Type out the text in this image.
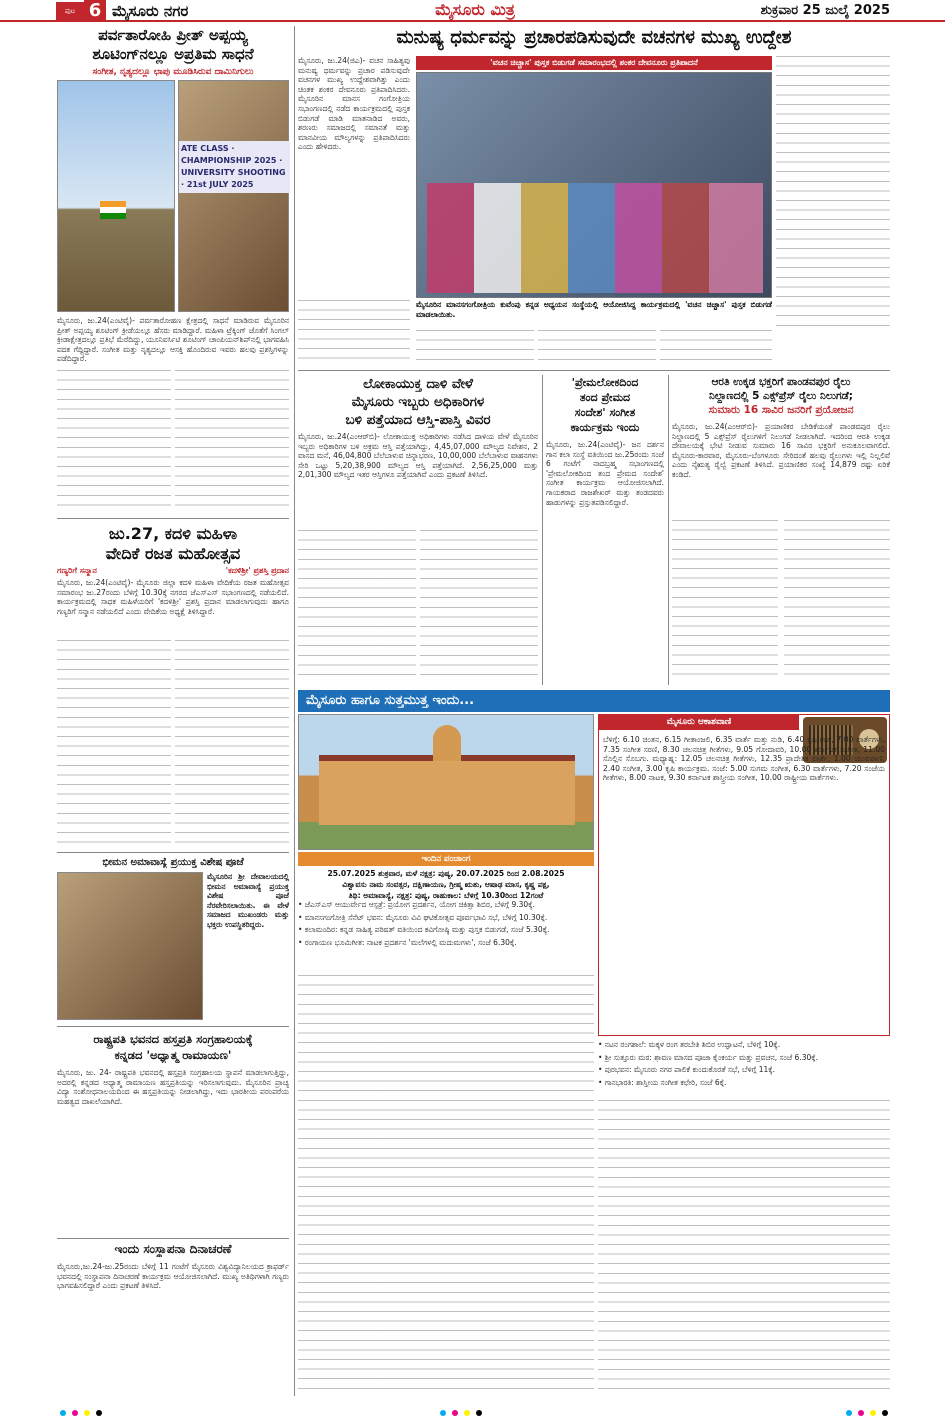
ಪುಟ 6 ಮೈಸೂರು ನಗರ	ಮೈಸೂರು ಮಿತ್ರ	ಶುಕ್ರವಾರ 25 ಜುಲೈ 2025
ಪರ್ವತಾರೋಹಿ ಪ್ರೀತ್ ಅಪ್ಪಯ್ಯ
ಶೂಟಿಂಗ್‌ನಲ್ಲೂ ಅಪ್ರತಿಮ ಸಾಧನೆ
ಸಂಗೀತ, ನೃತ್ಯದಲ್ಲೂ ಛಾಪು ಮೂಡಿಸಿರುವ ದಾಮಿನಿಗುಲು
ATE CLASS · CHAMPIONSHIP 2025 · UNIVERSITY SHOOTING · 21st JULY 2025
ಮೈಸೂರು, ಜು.24(ಎಂಟಿವೈ)- ಪರ್ವತಾರೋಹಣ ಕ್ಷೇತ್ರದಲ್ಲಿ ಸಾಧನೆ ಮಾಡಿರುವ ಮೈಸೂರಿನ ಪ್ರೀತ್ ಅಪ್ಪಯ್ಯ ಶೂಟಿಂಗ್ ಕ್ರೀಡೆಯಲ್ಲೂ ಹೆಸರು ಮಾಡಿದ್ದಾರೆ. ಮಹಿಳಾ ಟ್ರೆಕ್ಕಿಂಗ್ ಜೊತೆಗೆ ಸಿಂಗಲ್ ಕ್ರೀಡಾಕ್ಷೇತ್ರದಲ್ಲೂ ಪ್ರತಿಭೆ ಮೆರೆದಿದ್ದು, ಯೂನಿವರ್ಸಿಟಿ ಶೂಟಿಂಗ್ ಚಾಂಪಿಯನ್‌ಶಿಪ್‌ನಲ್ಲಿ ಭಾಗವಹಿಸಿ ಪದಕ ಗೆದ್ದಿದ್ದಾರೆ. ಸಂಗೀತ ಮತ್ತು ನೃತ್ಯದಲ್ಲೂ ಆಸಕ್ತಿ ಹೊಂದಿರುವ ಇವರು ಹಲವು ಪ್ರಶಸ್ತಿಗಳನ್ನು ಪಡೆದಿದ್ದಾರೆ.
ಜು.27, ಕದಳಿ ಮಹಿಳಾ
ವೇದಿಕೆ ರಜತ ಮಹೋತ್ಸವ
ಗಣ್ಯರಿಗೆ ಸನ್ಮಾನ	'ಕದಳಿಶ್ರೀ' ಪ್ರಶಸ್ತಿ ಪ್ರದಾನ
ಮೈಸೂರು, ಜು.24(ಎಂಟಿವೈ)- ಮೈಸೂರು ಜಿಲ್ಲಾ ಕದಳಿ ಮಹಿಳಾ ವೇದಿಕೆಯ ರಜತ ಮಹೋತ್ಸವ ಸಮಾರಂಭ ಜು.27ರಂದು ಬೆಳಿಗ್ಗೆ 10.30ಕ್ಕೆ ನಗರದ ಜೆಎಸ್‌ಎಸ್ ಸಭಾಂಗಣದಲ್ಲಿ ನಡೆಯಲಿದೆ. ಕಾರ್ಯಕ್ರಮದಲ್ಲಿ ಸಾಧಕ ಮಹಿಳೆಯರಿಗೆ 'ಕದಳಿಶ್ರೀ' ಪ್ರಶಸ್ತಿ ಪ್ರದಾನ ಮಾಡಲಾಗುವುದು ಹಾಗೂ ಗಣ್ಯರಿಗೆ ಸನ್ಮಾನ ನಡೆಯಲಿದೆ ಎಂದು ವೇದಿಕೆಯ ಅಧ್ಯಕ್ಷೆ ತಿಳಿಸಿದ್ದಾರೆ.
ಭೀಮನ ಅಮಾವಾಸ್ಯೆ ಪ್ರಯುಕ್ತ ವಿಶೇಷ ಪೂಜೆ
ಮೈಸೂರಿನ ಶ್ರೀ ದೇವಾಲಯದಲ್ಲಿ ಭೀಮನ ಅಮಾವಾಸ್ಯೆ ಪ್ರಯುಕ್ತ ವಿಶೇಷ ಪೂಜೆ ನೆರವೇರಿಸಲಾಯಿತು. ಈ ವೇಳೆ ಸಮಾಜದ ಮುಖಂಡರು ಮತ್ತು ಭಕ್ತರು ಉಪಸ್ಥಿತರಿದ್ದರು.
ರಾಷ್ಟ್ರಪತಿ ಭವನದ ಹಸ್ತಪ್ರತಿ ಸಂಗ್ರಹಾಲಯಕ್ಕೆ
ಕನ್ನಡದ 'ಅಧ್ಯಾತ್ಮ ರಾಮಾಯಣ'
ಮೈಸೂರು, ಜು. 24- ರಾಷ್ಟ್ರಪತಿ ಭವನದಲ್ಲಿ ಹಸ್ತಪ್ರತಿ ಸಂಗ್ರಹಾಲಯ ಸ್ಥಾಪನೆ ಮಾಡಲಾಗುತ್ತಿದ್ದು, ಅದರಲ್ಲಿ ಕನ್ನಡದ ಅಧ್ಯಾತ್ಮ ರಾಮಾಯಣ ಹಸ್ತಪ್ರತಿಯನ್ನು ಇರಿಸಲಾಗುವುದು. ಮೈಸೂರಿನ ಪ್ರಾಚ್ಯ ವಿದ್ಯಾ ಸಂಶೋಧನಾಲಯದಿಂದ ಈ ಹಸ್ತಪ್ರತಿಯನ್ನು ನೀಡಲಾಗಿದ್ದು, ಇದು ಭಾರತೀಯ ಪರಂಪರೆಯ ಮಹತ್ವದ ದಾಖಲೆಯಾಗಿದೆ.
ಇಂದು ಸಂಸ್ಥಾಪನಾ ದಿನಾಚರಣೆ
ಮೈಸೂರು,ಜು.24-ಜು.25ರಂದು ಬೆಳಿಗ್ಗೆ 11 ಗಂಟೆಗೆ ಮೈಸೂರು ವಿಶ್ವವಿದ್ಯಾನಿಲಯದ ಕ್ರಾಫರ್ಡ್ ಭವನದಲ್ಲಿ ಸಂಸ್ಥಾಪನಾ ದಿನಾಚರಣೆ ಕಾರ್ಯಕ್ರಮ ಆಯೋಜಿಸಲಾಗಿದೆ. ಮುಖ್ಯ ಅತಿಥಿಗಳಾಗಿ ಗಣ್ಯರು ಭಾಗವಹಿಸಲಿದ್ದಾರೆ ಎಂದು ಪ್ರಕಟಣೆ ತಿಳಿಸಿದೆ.
ಮನುಷ್ಯ ಧರ್ಮವನ್ನು ಪ್ರಚಾರಪಡಿಸುವುದೇ ವಚನಗಳ ಮುಖ್ಯ ಉದ್ದೇಶ
ಮೈಸೂರು, ಜು.24(ಜಿಎ)- ವಚನ ಸಾಹಿತ್ಯವು ಮನುಷ್ಯ ಧರ್ಮವನ್ನು ಪ್ರಚಾರ ಪಡಿಸುವುದೇ ವಚನಗಳ ಮುಖ್ಯ ಉದ್ದೇಶವಾಗಿತ್ತು ಎಂದು ಚಿಂತಕ ಶಂಕರ ದೇವನೂರು ಪ್ರತಿಪಾದಿಸಿದರು. ಮೈಸೂರಿನ ಮಾನಸ ಗಂಗೋತ್ರಿಯ ಸಭಾಂಗಣದಲ್ಲಿ ನಡೆದ ಕಾರ್ಯಕ್ರಮದಲ್ಲಿ ಪುಸ್ತಕ ಬಿಡುಗಡೆ ಮಾಡಿ ಮಾತನಾಡಿದ ಅವರು, ಶರಣರು ಸಮಾಜದಲ್ಲಿ ಸಮಾನತೆ ಮತ್ತು ಮಾನವೀಯ ಮೌಲ್ಯಗಳನ್ನು ಪ್ರತಿಪಾದಿಸಿದರು ಎಂದು ಹೇಳಿದರು.
'ವಚನ ಚಿಚ್ಚಾಸ' ಪುಸ್ತಕ ಬಿಡುಗಡೆ ಸಮಾರಂಭದಲ್ಲಿ ಶಂಕರ ದೇವನೂರು ಪ್ರತಿಪಾದನೆ
ಮೈಸೂರಿನ ಮಾನಸಗಂಗೋತ್ರಿಯ ಕುವೆಂಪು ಕನ್ನಡ ಅಧ್ಯಯನ ಸಂಸ್ಥೆಯಲ್ಲಿ ಆಯೋಜಿಸಿದ್ದ ಕಾರ್ಯಕ್ರಮದಲ್ಲಿ 'ವಚನ ಚಿಚ್ಚಾಸ' ಪುಸ್ತಕ ಬಿಡುಗಡೆ ಮಾಡಲಾಯಿತು.
ಲೋಕಾಯುಕ್ತ ದಾಳಿ ವೇಳೆ
ಮೈಸೂರು ಇಬ್ಬರು ಅಧಿಕಾರಿಗಳ
ಬಳಿ ಪತ್ತೆಯಾದ ಆಸ್ತಿ-ಪಾಸ್ತಿ ವಿವರ
ಮೈಸೂರು, ಜು.24(ಎಂಆರ್‌ಬಿ)- ಲೋಕಾಯುಕ್ತ ಅಧಿಕಾರಿಗಳು ನಡೆಸಿದ ದಾಳಿಯ ವೇಳೆ ಮೈಸೂರಿನ ಇಬ್ಬರು ಅಧಿಕಾರಿಗಳ ಬಳಿ ಅಕ್ರಮ ಆಸ್ತಿ ಪತ್ತೆಯಾಗಿದ್ದು, 4,45,07,000 ಮೌಲ್ಯದ ನಿವೇಶನ, 2 ವಾಸದ ಮನೆ, 46,04,800 ಬೆಲೆಬಾಳುವ ಚಿನ್ನಾಭರಣ, 10,00,000 ಬೆಲೆಬಾಳುವ ವಾಹನಗಳು ಸೇರಿ ಒಟ್ಟು 5,20,38,900 ಮೌಲ್ಯದ ಆಸ್ತಿ ಪತ್ತೆಯಾಗಿದೆ. 2,56,25,000 ಮತ್ತು 2,01,300 ಮೌಲ್ಯದ ಇತರ ಆಸ್ತಿಗಳೂ ಪತ್ತೆಯಾಗಿವೆ ಎಂದು ಪ್ರಕಟಣೆ ತಿಳಿಸಿದೆ.
'ಪ್ರೇಮಲೋಕದಿಂದ
ತಂದ ಪ್ರೇಮದ
ಸಂದೇಶ' ಸಂಗೀತ
ಕಾರ್ಯಕ್ರಮ ಇಂದು
ಮೈಸೂರು, ಜು.24(ಎಂಟಿವೈ)- ಜನ ದರ್ಶನ ಗಾನ ಕಲಾ ಸಂಸ್ಥೆ ವತಿಯಿಂದ ಜು.25ರಂದು ಸಂಜೆ 6 ಗಂಟೆಗೆ ನಾದಬ್ರಹ್ಮ ಸಭಾಂಗಣದಲ್ಲಿ 'ಪ್ರೇಮಲೋಕದಿಂದ ತಂದ ಪ್ರೇಮದ ಸಂದೇಶ' ಸಂಗೀತ ಕಾರ್ಯಕ್ರಮ ಆಯೋಜಿಸಲಾಗಿದೆ. ಗಾಯಕರಾದ ರಾಜಶೇಖರ್ ಮತ್ತು ತಂಡದವರು ಹಾಡುಗಳನ್ನು ಪ್ರಸ್ತುತಪಡಿಸಲಿದ್ದಾರೆ.
ಆರತಿ ಉಕ್ಕಡ ಭಕ್ತರಿಗೆ ಪಾಂಡವಪುರ ರೈಲು
ನಿಲ್ದಾಣದಲ್ಲಿ 5 ಎಕ್ಸ್‌ಪ್ರೆಸ್ ರೈಲು ನಿಲುಗಡೆ;
ಸುಮಾರು 16 ಸಾವಿರ ಜನರಿಗೆ ಪ್ರಯೋಜನ
ಮೈಸೂರು, ಜು.24(ಎಂಆರ್‌ಬಿ)- ಪ್ರಯಾಣಿಕರ ಬೇಡಿಕೆಯಂತೆ ಪಾಂಡವಪುರ ರೈಲು ನಿಲ್ದಾಣದಲ್ಲಿ 5 ಎಕ್ಸ್‌ಪ್ರೆಸ್ ರೈಲುಗಳಿಗೆ ನಿಲುಗಡೆ ನೀಡಲಾಗಿದೆ. ಇದರಿಂದ ಆರತಿ ಉಕ್ಕಡ ದೇವಾಲಯಕ್ಕೆ ಭೇಟಿ ನೀಡುವ ಸುಮಾರು 16 ಸಾವಿರ ಭಕ್ತರಿಗೆ ಅನುಕೂಲವಾಗಲಿದೆ. ಮೈಸೂರು-ಕಾರವಾರ, ಮೈಸೂರು-ಬೆಂಗಳೂರು ಸೇರಿದಂತೆ ಹಲವು ರೈಲುಗಳು ಇಲ್ಲಿ ನಿಲ್ಲಲಿವೆ ಎಂದು ನೈಋತ್ಯ ರೈಲ್ವೆ ಪ್ರಕಟಣೆ ತಿಳಿಸಿದೆ. ಪ್ರಯಾಣಿಕರ ಸಂಖ್ಯೆ 14,879 ರಷ್ಟು ಏರಿಕೆ ಕಂಡಿದೆ.
ಮೈಸೂರು ಹಾಗೂ ಸುತ್ತಮುತ್ತ ಇಂದು...
ಇಂದಿನ ಪಂಚಾಂಗ
25.07.2025 ಶುಕ್ರವಾರ, ಮಳೆ ನಕ್ಷತ್ರ: ಪುಷ್ಯ, 20.07.2025 ರಿಂದ 2.08.2025
ವಿಶ್ವಾವಸು ನಾಮ ಸಂವತ್ಸರ, ದಕ್ಷಿಣಾಯಣ, ಗ್ರೀಷ್ಮ ಋತು, ಆಷಾಢ ಮಾಸ, ಕೃಷ್ಣ ಪಕ್ಷ,
ತಿಥಿ: ಅಮಾವಾಸ್ಯೆ, ನಕ್ಷತ್ರ: ಪುಷ್ಯ, ರಾಹುಕಾಲ: ಬೆಳಿಗ್ಗೆ 10.30ರಿಂದ 12ಗಂಟೆ
ಮೈಸೂರು ಆಕಾಶವಾಣಿ
ಬೆಳಿಗ್ಗೆ: 6.10 ಚಿಂತನ, 6.15 ಗೀತಾಂಜಲಿ, 6.35 ವಾರ್ತೆ ಮತ್ತು ನುಡಿ, 6.40 ಕೃಷಿ ರಂಗ, 7.00 ವಾರ್ತೆಗಳು, 7.35 ಸಂಗೀತ ಸರಣಿ, 8.30 ಚಲನಚಿತ್ರ ಗೀತೆಗಳು, 9.05 ಗೋದಾವರಿ, 10.00 ಕರ್ನಾಟಕ ಸಂಗೀತ, 11.00 ಸೊಲ್ಲಿನ ಸೊಬಗು. ಮಧ್ಯಾಹ್ನ: 12.05 ಚಲನಚಿತ್ರ ಗೀತೆಗಳು, 12.35 ಪ್ರಾದೇಶಿಕ ವಾರ್ತೆ, 1.00 ಯುವವಾಣಿ, 2.40 ಸಂಗೀತ, 3.00 ಕೃಷಿ ಕಾರ್ಯಕ್ರಮ. ಸಂಜೆ: 5.00 ಸುಗಮ ಸಂಗೀತ, 6.30 ವಾರ್ತೆಗಳು, 7.20 ಸಂಜೆಯ ಗೀತೆಗಳು, 8.00 ನಾಟಕ, 9.30 ಕರ್ನಾಟಕ ಶಾಸ್ತ್ರೀಯ ಸಂಗೀತ, 10.00 ರಾಷ್ಟ್ರೀಯ ವಾರ್ತೆಗಳು.
• ಜೆಎಸ್‌ಎಸ್ ಆಯುರ್ವೇದ ಆಸ್ಪತ್ರೆ: ಪ್ರಯೋಗ ಪ್ರದರ್ಶನ, ಯೋಗ ಚಿಕಿತ್ಸಾ ಶಿಬಿರ, ಬೆಳಿಗ್ಗೆ 9.30ಕ್ಕೆ.
• ಮಾನಸಗಂಗೋತ್ರಿ ಸೆನೆಟ್ ಭವನ: ಮೈಸೂರು ವಿವಿ ಘಟಿಕೋತ್ಸವ ಪೂರ್ವಭಾವಿ ಸಭೆ, ಬೆಳಿಗ್ಗೆ 10.30ಕ್ಕೆ.
• ಕಲಾಮಂದಿರ: ಕನ್ನಡ ಸಾಹಿತ್ಯ ಪರಿಷತ್ ವತಿಯಿಂದ ಕವಿಗೋಷ್ಠಿ ಮತ್ತು ಪುಸ್ತಕ ಬಿಡುಗಡೆ, ಸಂಜೆ 5.30ಕ್ಕೆ.
• ರಂಗಾಯಣ ಭೂಮಿಗೀತ: ನಾಟಕ ಪ್ರದರ್ಶನ 'ಮಲೆಗಳಲ್ಲಿ ಮದುಮಗಳು', ಸಂಜೆ 6.30ಕ್ಕೆ.
• ನಟನ ರಂಗಶಾಲೆ: ಮಕ್ಕಳ ರಂಗ ತರಬೇತಿ ಶಿಬಿರ ಉದ್ಘಾಟನೆ, ಬೆಳಿಗ್ಗೆ 10ಕ್ಕೆ.
• ಶ್ರೀ ಸುತ್ತೂರು ಮಠ: ಶ್ರಾವಣ ಮಾಸದ ಪೂಜಾ ಕೈಂಕರ್ಯ ಮತ್ತು ಪ್ರವಚನ, ಸಂಜೆ 6.30ಕ್ಕೆ.
• ಪುರಭವನ: ಮೈಸೂರು ನಗರ ಪಾಲಿಕೆ ಕುಂದುಕೊರತೆ ಸಭೆ, ಬೆಳಿಗ್ಗೆ 11ಕ್ಕೆ.
• ಗಾನಭಾರತಿ: ಶಾಸ್ತ್ರೀಯ ಸಂಗೀತ ಕಛೇರಿ, ಸಂಜೆ 6ಕ್ಕೆ.
